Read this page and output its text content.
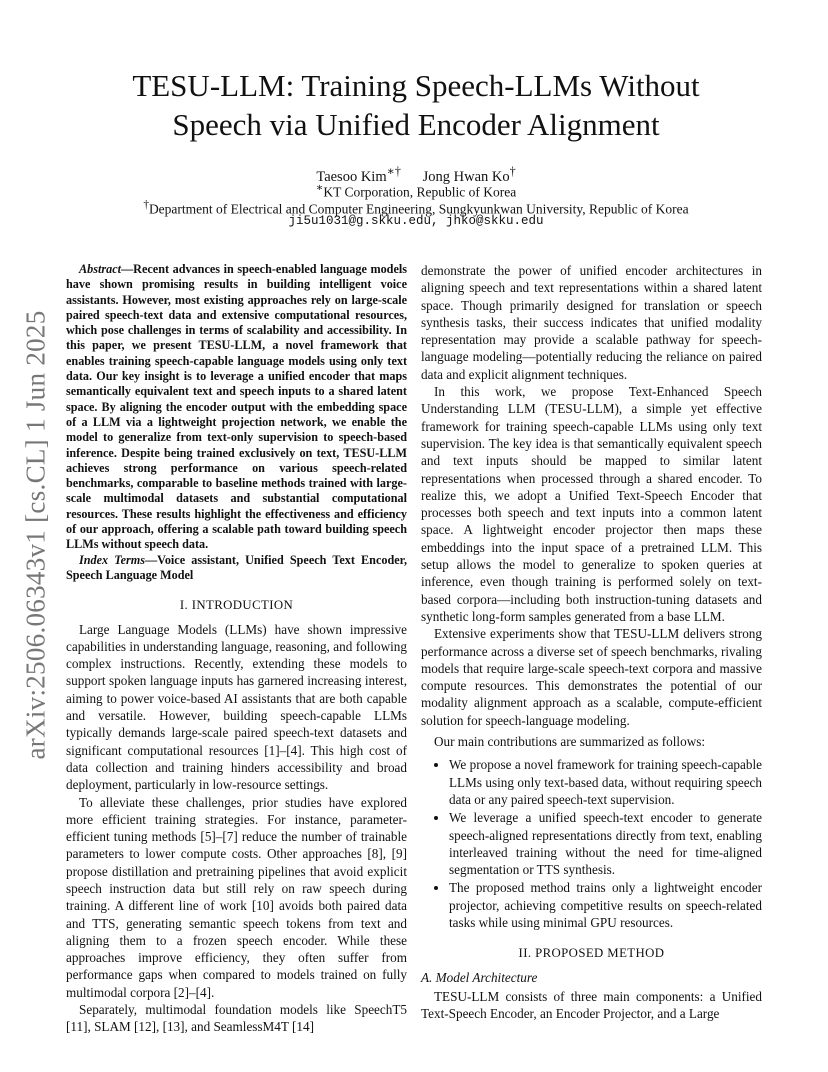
arXiv:2506.06343v1 [cs.CL] 1 Jun 2025
TESU-LLM: Training Speech-LLMs Without
Speech via Unified Encoder Alignment
Taesoo Kim∗† Jong Hwan Ko†
∗KT Corporation, Republic of Korea
†Department of Electrical and Computer Engineering, Sungkyunkwan University, Republic of Korea
ji5u1031@g.skku.edu, jhko@skku.edu

Abstract—Recent advances in speech-enabled language models have shown promising results in building intelligent voice assistants. However, most existing approaches rely on large-scale paired speech-text data and extensive computational resources, which pose challenges in terms of scalability and accessibility. In this paper, we present TESU-LLM, a novel framework that enables training speech-capable language models using only text data. Our key insight is to leverage a unified encoder that maps semantically equivalent text and speech inputs to a shared latent space. By aligning the encoder output with the embedding space of a LLM via a lightweight projection network, we enable the model to generalize from text-only supervision to speech-based inference. Despite being trained exclusively on text, TESU-LLM achieves strong performance on various speech-related benchmarks, comparable to baseline methods trained with large-scale multimodal datasets and substantial computational resources. These results highlight the effectiveness and efficiency of our approach, offering a scalable path toward building speech LLMs without speech data.

Index Terms—Voice assistant, Unified Speech Text Encoder, Speech Language Model

I. INTRODUCTION

Large Language Models (LLMs) have shown impressive capabilities in understanding language, reasoning, and following complex instructions. Recently, extending these models to support spoken language inputs has garnered increasing interest, aiming to power voice-based AI assistants that are both capable and versatile. However, building speech-capable LLMs typically demands large-scale paired speech-text datasets and significant computational resources [1]–[4]. This high cost of data collection and training hinders accessibility and broad deployment, particularly in low-resource settings.

To alleviate these challenges, prior studies have explored more efficient training strategies. For instance, parameter-efficient tuning methods [5]–[7] reduce the number of trainable parameters to lower compute costs. Other approaches [8], [9] propose distillation and pretraining pipelines that avoid explicit speech instruction data but still rely on raw speech during training. A different line of work [10] avoids both paired data and TTS, generating semantic speech tokens from text and aligning them to a frozen speech encoder. While these approaches improve efficiency, they often suffer from performance gaps when compared to models trained on fully multimodal corpora [2]–[4].

Separately, multimodal foundation models like SpeechT5 [11], SLAM [12], [13], and SeamlessM4T [14]

demonstrate the power of unified encoder architectures in aligning speech and text representations within a shared latent space. Though primarily designed for translation or speech synthesis tasks, their success indicates that unified modality representation may provide a scalable pathway for speech-language modeling—potentially reducing the reliance on paired data and explicit alignment techniques.

In this work, we propose Text-Enhanced Speech Understanding LLM (TESU-LLM), a simple yet effective framework for training speech-capable LLMs using only text supervision. The key idea is that semantically equivalent speech and text inputs should be mapped to similar latent representations when processed through a shared encoder. To realize this, we adopt a Unified Text-Speech Encoder that processes both speech and text inputs into a common latent space. A lightweight encoder projector then maps these embeddings into the input space of a pretrained LLM. This setup allows the model to generalize to spoken queries at inference, even though training is performed solely on text-based corpora—including both instruction-tuning datasets and synthetic long-form samples generated from a base LLM.

Extensive experiments show that TESU-LLM delivers strong performance across a diverse set of speech benchmarks, rivaling models that require large-scale speech-text corpora and massive compute resources. This demonstrates the potential of our modality alignment approach as a scalable, compute-efficient solution for speech-language modeling.

Our main contributions are summarized as follows:

• We propose a novel framework for training speech-capable LLMs using only text-based data, without requiring speech data or any paired speech-text supervision.
• We leverage a unified speech-text encoder to generate speech-aligned representations directly from text, enabling interleaved training without the need for time-aligned segmentation or TTS synthesis.
• The proposed method trains only a lightweight encoder projector, achieving competitive results on speech-related tasks while using minimal GPU resources.
II. PROPOSED METHOD

A. Model Architecture

TESU-LLM consists of three main components: a Unified Text-Speech Encoder, an Encoder Projector, and a Large
